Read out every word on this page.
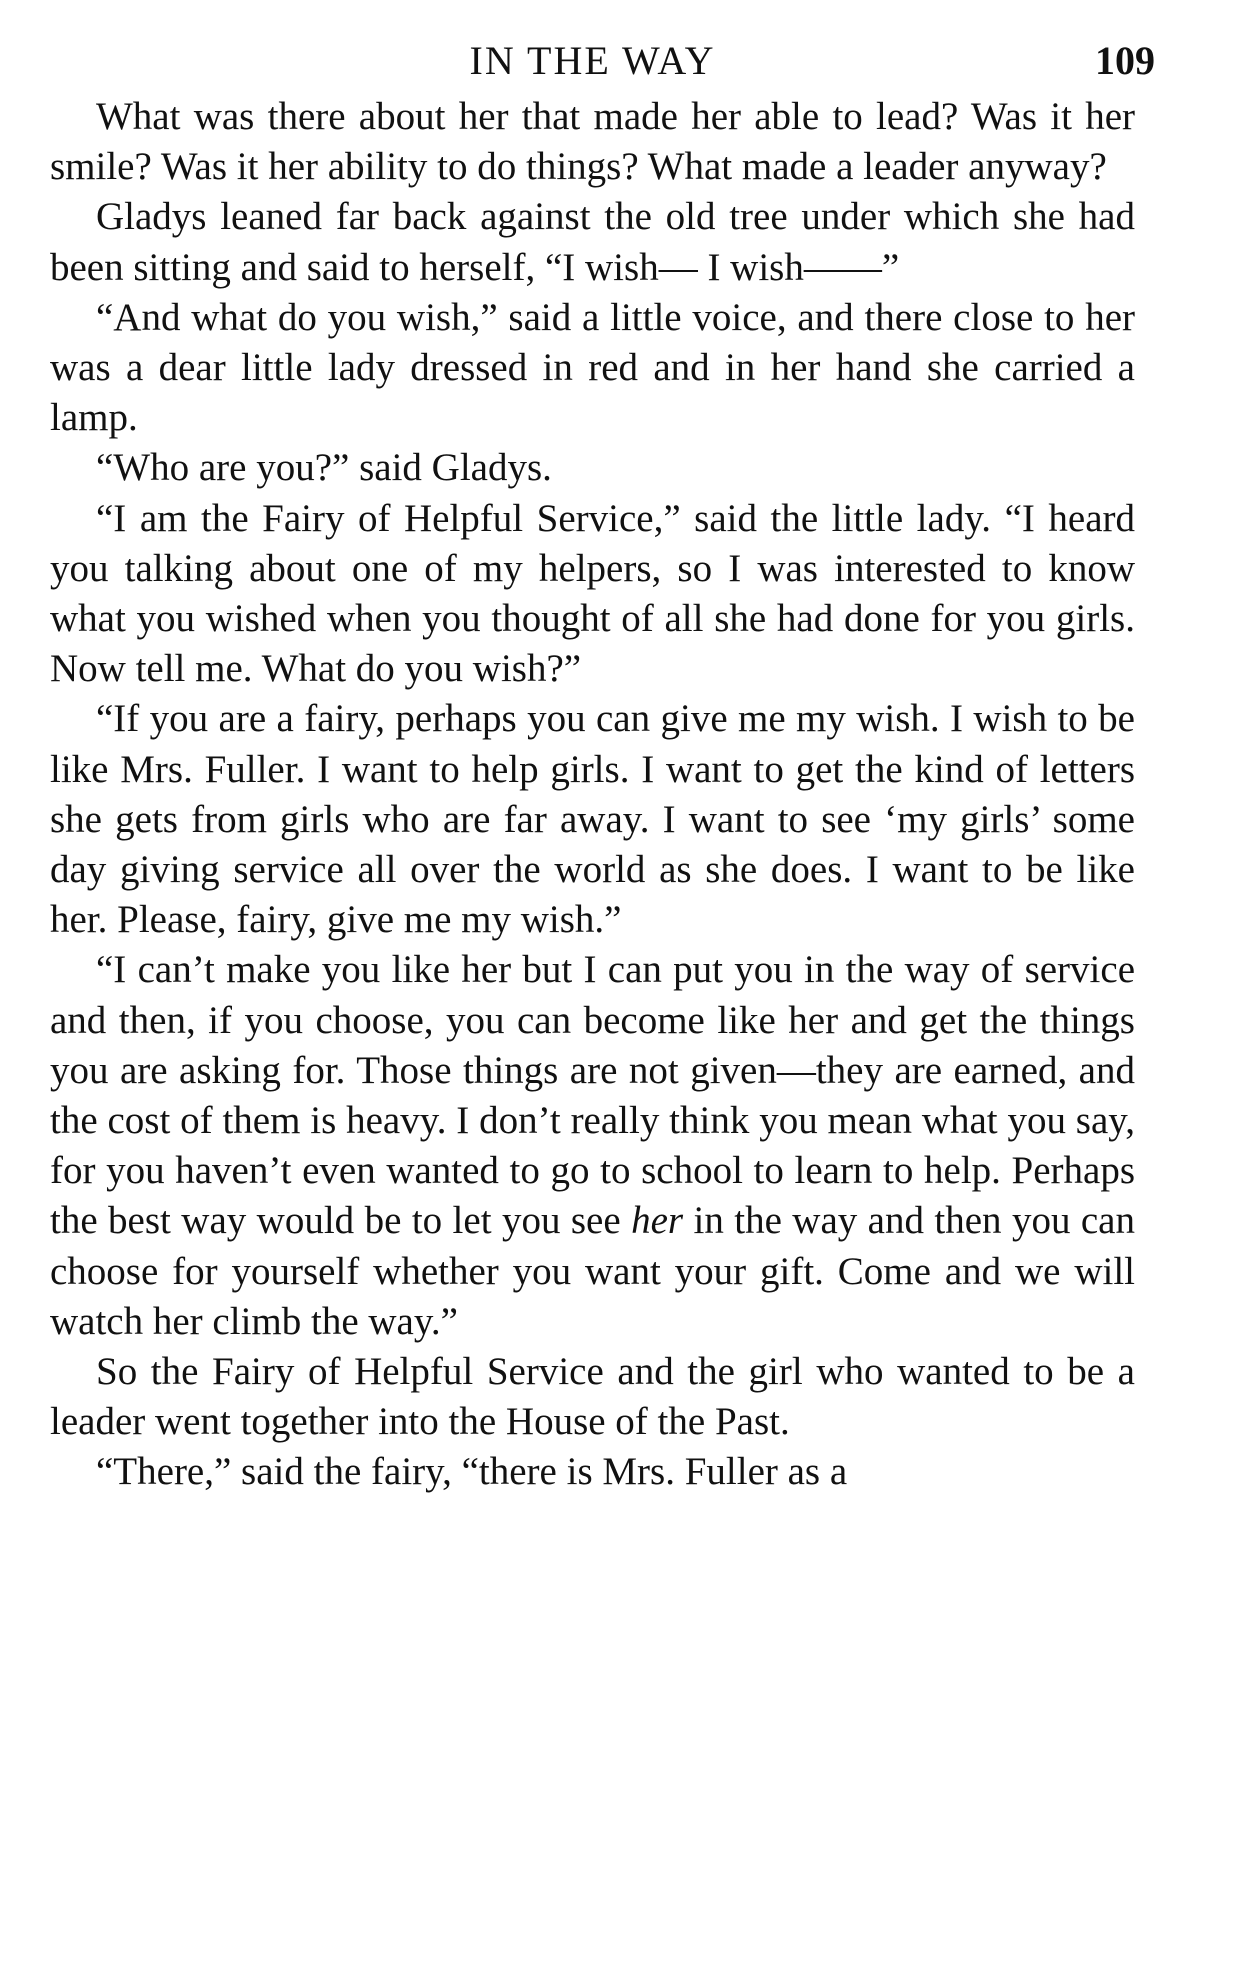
IN THE WAY	109

What was there about her that made her able to lead? Was it her smile? Was it her ability to do things? What made a leader anyway?

Gladys leaned far back against the old tree under which she had been sitting and said to herself, “I wish— I wish——”

“And what do you wish,” said a little voice, and there close to her was a dear little lady dressed in red and in her hand she carried a lamp.

“Who are you?” said Gladys.

“I am the Fairy of Helpful Service,” said the little lady. “I heard you talking about one of my helpers, so I was interested to know what you wished when you thought of all she had done for you girls. Now tell me. What do you wish?”

“If you are a fairy, perhaps you can give me my wish. I wish to be like Mrs. Fuller. I want to help girls. I want to get the kind of letters she gets from girls who are far away. I want to see ‘my girls’ some day giving service all over the world as she does. I want to be like her. Please, fairy, give me my wish.”

“I can’t make you like her but I can put you in the way of service and then, if you choose, you can become like her and get the things you are asking for. Those things are not given—they are earned, and the cost of them is heavy. I don’t really think you mean what you say, for you haven’t even wanted to go to school to learn to help. Perhaps the best way would be to let you see her in the way and then you can choose for yourself whether you want your gift. Come and we will watch her climb the way.”

So the Fairy of Helpful Service and the girl who wanted to be a leader went together into the House of the Past.

“There,” said the fairy, “there is Mrs. Fuller as a
